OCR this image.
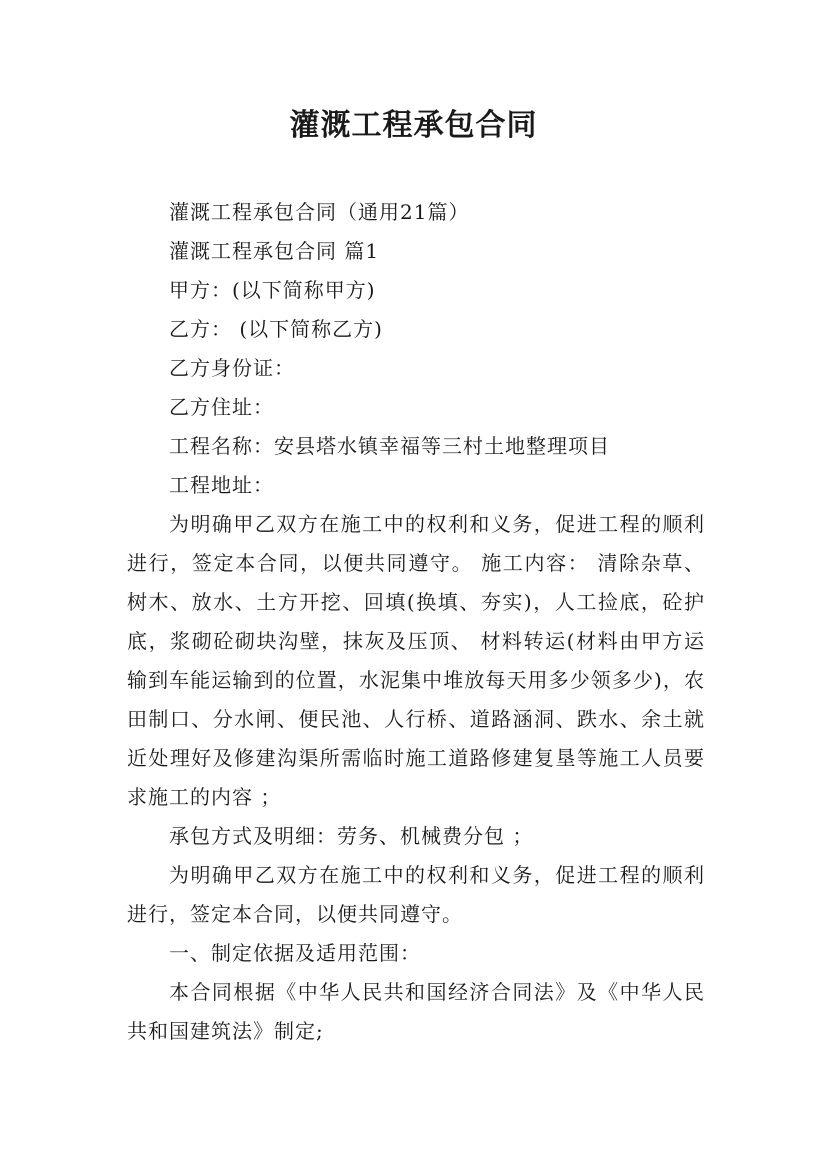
灌溉工程承包合同

灌溉工程承包合同（通用21篇）

灌溉工程承包合同 篇1

甲方：(以下简称甲方)

乙方： (以下简称乙方)

乙方身份证：

乙方住址：

工程名称：安县塔水镇幸福等三村土地整理项目

工程地址：

为明确甲乙双方在施工中的权利和义务，促进工程的顺利进行，签定本合同，以便共同遵守。 施工内容： 清除杂草、树木、放水、土方开挖、回填(换填、夯实)，人工捡底，砼护底，浆砌砼砌块沟壁，抹灰及压顶、 材料转运(材料由甲方运输到车能运输到的位置，水泥集中堆放每天用多少领多少)，农田制口、分水闸、便民池、人行桥、道路涵洞、跌水、余土就近处理好及修建沟渠所需临时施工道路修建复垦等施工人员要求施工的内容 ；

承包方式及明细：劳务、机械费分包 ；

为明确甲乙双方在施工中的权利和义务，促进工程的顺利进行，签定本合同，以便共同遵守。

一、制定依据及适用范围：

本合同根据《中华人民共和国经济合同法》及《中华人民共和国建筑法》制定;
